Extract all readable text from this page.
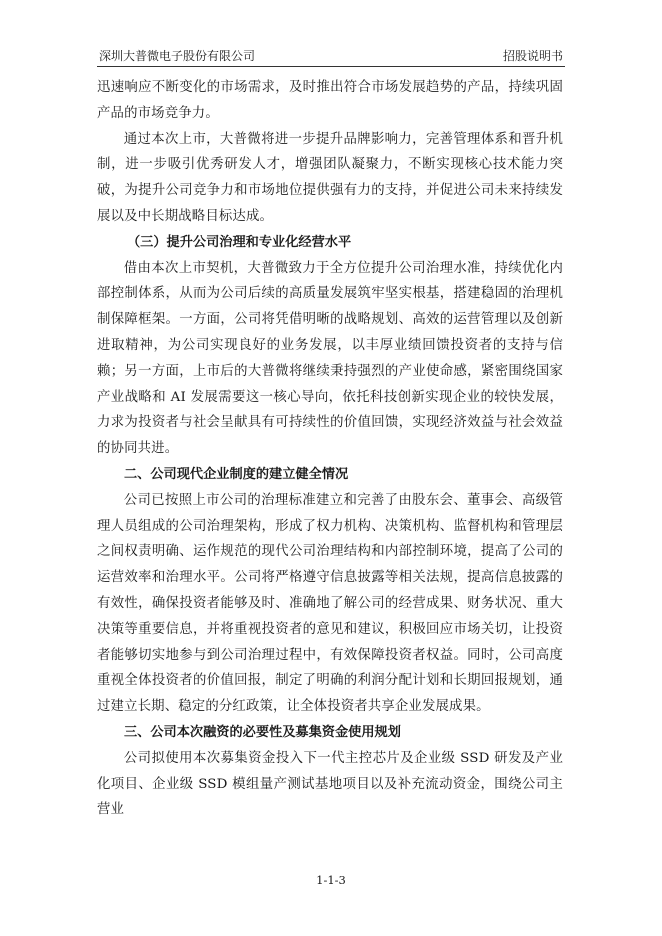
深圳大普微电子股份有限公司	招股说明书

迅速响应不断变化的市场需求，及时推出符合市场发展趋势的产品，持续巩固产品的市场竞争力。

通过本次上市，大普微将进一步提升品牌影响力，完善管理体系和晋升机制，进一步吸引优秀研发人才，增强团队凝聚力，不断实现核心技术能力突破，为提升公司竞争力和市场地位提供强有力的支持，并促进公司未来持续发展以及中长期战略目标达成。

（三）提升公司治理和专业化经营水平

借由本次上市契机，大普微致力于全方位提升公司治理水准，持续优化内部控制体系，从而为公司后续的高质量发展筑牢坚实根基，搭建稳固的治理机制保障框架。一方面，公司将凭借明晰的战略规划、高效的运营管理以及创新进取精神，为公司实现良好的业务发展，以丰厚业绩回馈投资者的支持与信赖；另一方面，上市后的大普微将继续秉持强烈的产业使命感，紧密围绕国家产业战略和 AI 发展需要这一核心导向，依托科技创新实现企业的较快发展，力求为投资者与社会呈献具有可持续性的价值回馈，实现经济效益与社会效益的协同共进。

二、公司现代企业制度的建立健全情况

公司已按照上市公司的治理标准建立和完善了由股东会、董事会、高级管理人员组成的公司治理架构，形成了权力机构、决策机构、监督机构和管理层之间权责明确、运作规范的现代公司治理结构和内部控制环境，提高了公司的运营效率和治理水平。公司将严格遵守信息披露等相关法规，提高信息披露的有效性，确保投资者能够及时、准确地了解公司的经营成果、财务状况、重大决策等重要信息，并将重视投资者的意见和建议，积极回应市场关切，让投资者能够切实地参与到公司治理过程中，有效保障投资者权益。同时，公司高度重视全体投资者的价值回报，制定了明确的利润分配计划和长期回报规划，通过建立长期、稳定的分红政策，让全体投资者共享企业发展成果。

三、公司本次融资的必要性及募集资金使用规划

公司拟使用本次募集资金投入下一代主控芯片及企业级 SSD 研发及产业化项目、企业级 SSD 模组量产测试基地项目以及补充流动资金，围绕公司主营业

1-1-3
